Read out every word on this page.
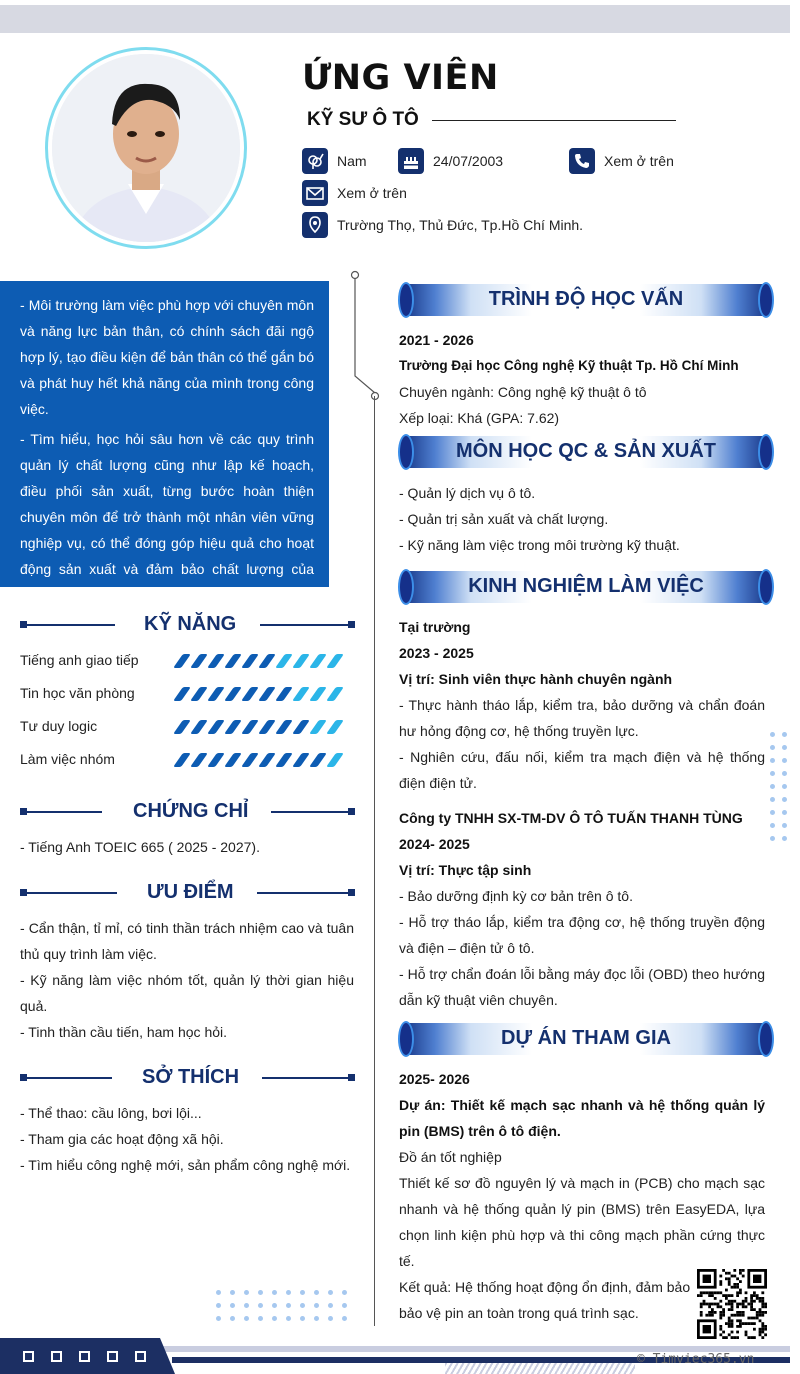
ỨNG VIÊN
KỸ SƯ Ô TÔ
Nam	24/07/2003	Xem ở trên
Xem ở trên
Trường Thọ, Thủ Đức, Tp.Hồ Chí Minh.

- Môi trường làm việc phù hợp với chuyên môn và năng lực bản thân, có chính sách đãi ngộ hợp lý, tạo điều kiện để bản thân có thể gắn bó và phát huy hết khả năng của mình trong công việc.

- Tìm hiểu, học hỏi sâu hơn về các quy trình quản lý chất lượng cũng như lập kế hoạch, điều phối sản xuất, từng bước hoàn thiện chuyên môn để trở thành một nhân viên vững nghiệp vụ, có thể đóng góp hiệu quả cho hoạt động sản xuất và đảm bảo chất lượng của công ty.

KỸ NĂNG
Tiếng anh giao tiếp
Tin học văn phòng
Tư duy logic
Làm việc nhóm
CHỨNG CHỈ
- Tiếng Anh TOEIC 665 ( 2025 - 2027).
ƯU ĐIỂM
- Cẩn thận, tỉ mỉ, có tinh thần trách nhiệm cao và tuân thủ quy trình làm việc.
- Kỹ năng làm việc nhóm tốt, quản lý thời gian hiệu quả.
- Tinh thần cầu tiến, ham học hỏi.
SỞ THÍCH
- Thể thao: cầu lông, bơi lội...
- Tham gia các hoạt động xã hội.
- Tìm hiểu công nghệ mới, sản phẩm công nghệ mới.
TRÌNH ĐỘ HỌC VẤN
2021 - 2026
Trường Đại học Công nghệ Kỹ thuật Tp. Hồ Chí Minh
Chuyên ngành: Công nghệ kỹ thuật ô tô
Xếp loại: Khá (GPA: 7.62)
MÔN HỌC QC & SẢN XUẤT
- Quản lý dịch vụ ô tô.
- Quản trị sản xuất và chất lượng.
- Kỹ năng làm việc trong môi trường kỹ thuật.
KINH NGHIỆM LÀM VIỆC
Tại trường
2023 - 2025
Vị trí: Sinh viên thực hành chuyên ngành
- Thực hành tháo lắp, kiểm tra, bảo dưỡng và chẩn đoán hư hỏng động cơ, hệ thống truyền lực.
- Nghiên cứu, đấu nối, kiểm tra mạch điện và hệ thống điện điện tử.
Công ty TNHH SX-TM-DV Ô TÔ TUẤN THANH TÙNG
2024- 2025
Vị trí: Thực tập sinh
- Bảo dưỡng định kỳ cơ bản trên ô tô.
- Hỗ trợ tháo lắp, kiểm tra động cơ, hệ thống truyền động và điện – điện tử ô tô.
- Hỗ trợ chẩn đoán lỗi bằng máy đọc lỗi (OBD) theo hướng dẫn kỹ thuật viên chuyên.
DỰ ÁN THAM GIA
2025- 2026
Dự án: Thiết kế mạch sạc nhanh và hệ thống quản lý pin (BMS) trên ô tô điện.
Đồ án tốt nghiệp
Thiết kế sơ đồ nguyên lý và mạch in (PCB) cho mạch sạc nhanh và hệ thống quản lý pin (BMS) trên EasyEDA, lựa chọn linh kiện phù hợp và thi công mạch phần cứng thực tế.
Kết quả: Hệ thống hoạt động ổn định, đảm bảo bảo vệ pin an toàn trong quá trình sạc.
© Timviec365.vn
